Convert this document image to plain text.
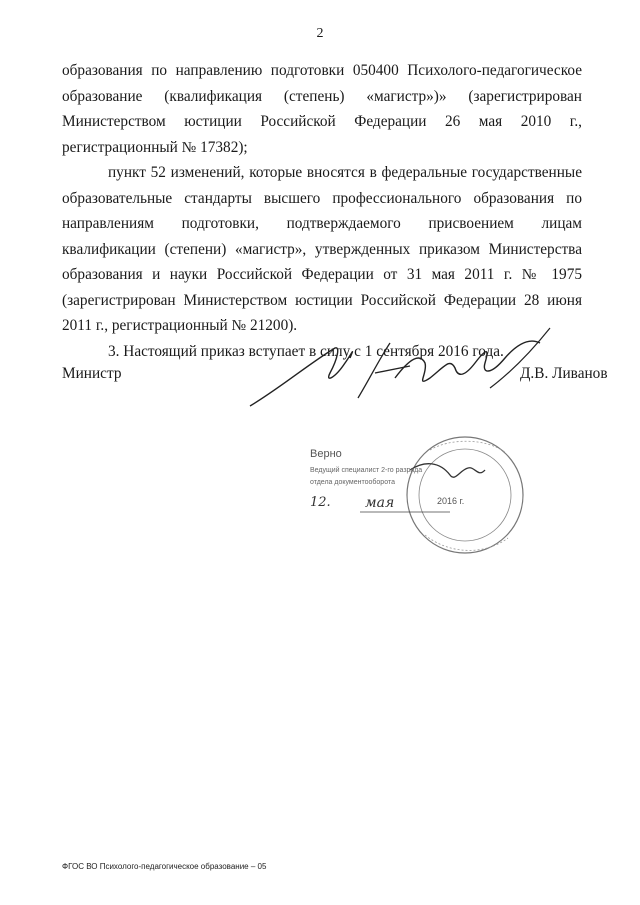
2

образования по направлению подготовки 050400 Психолого-педагогическое образование (квалификация (степень) «магистр»)» (зарегистрирован Министерством юстиции Российской Федерации 26 мая 2010 г., регистрационный № 17382);

пункт 52 изменений, которые вносятся в федеральные государственные образовательные стандарты высшего профессионального образования по направлениям подготовки, подтверждаемого присвоением лицам квалификации (степени) «магистр», утвержденных приказом Министерства образования и науки Российской Федерации от 31 мая 2011 г. № 1975 (зарегистрирован Министерством юстиции Российской Федерации 28 июня 2011 г., регистрационный № 21200).

3. Настоящий приказ вступает в силу с 1 сентября 2016 года.

Министр	Д.В. Ливанов
Верно
Ведущий специалист 2-го разряда
отдела документооборота
12. мая	2016 г.
ФГОС ВО Психолого-педагогическое образование – 05
